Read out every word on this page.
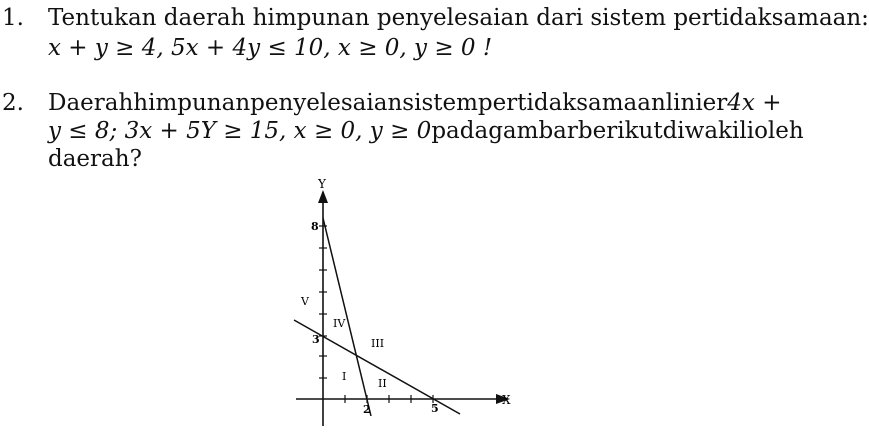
1. Tentukan daerah himpunan penyelesaian dari sistem pertidaksamaan:
x + y ≥ 4, 5x + 4y ≤ 10, x ≥ 0, y ≥ 0 !
2. Daerah himpunan penyelesaian sistem pertidaksamaan linier 4x +
y ≤ 8; 3x + 5Y ≥ 15, x ≥ 0, y ≥ 0 pada gambar berikut diwakili oleh
daerah?
8
3
2	5
Y
X
V
IV
III
I
II
